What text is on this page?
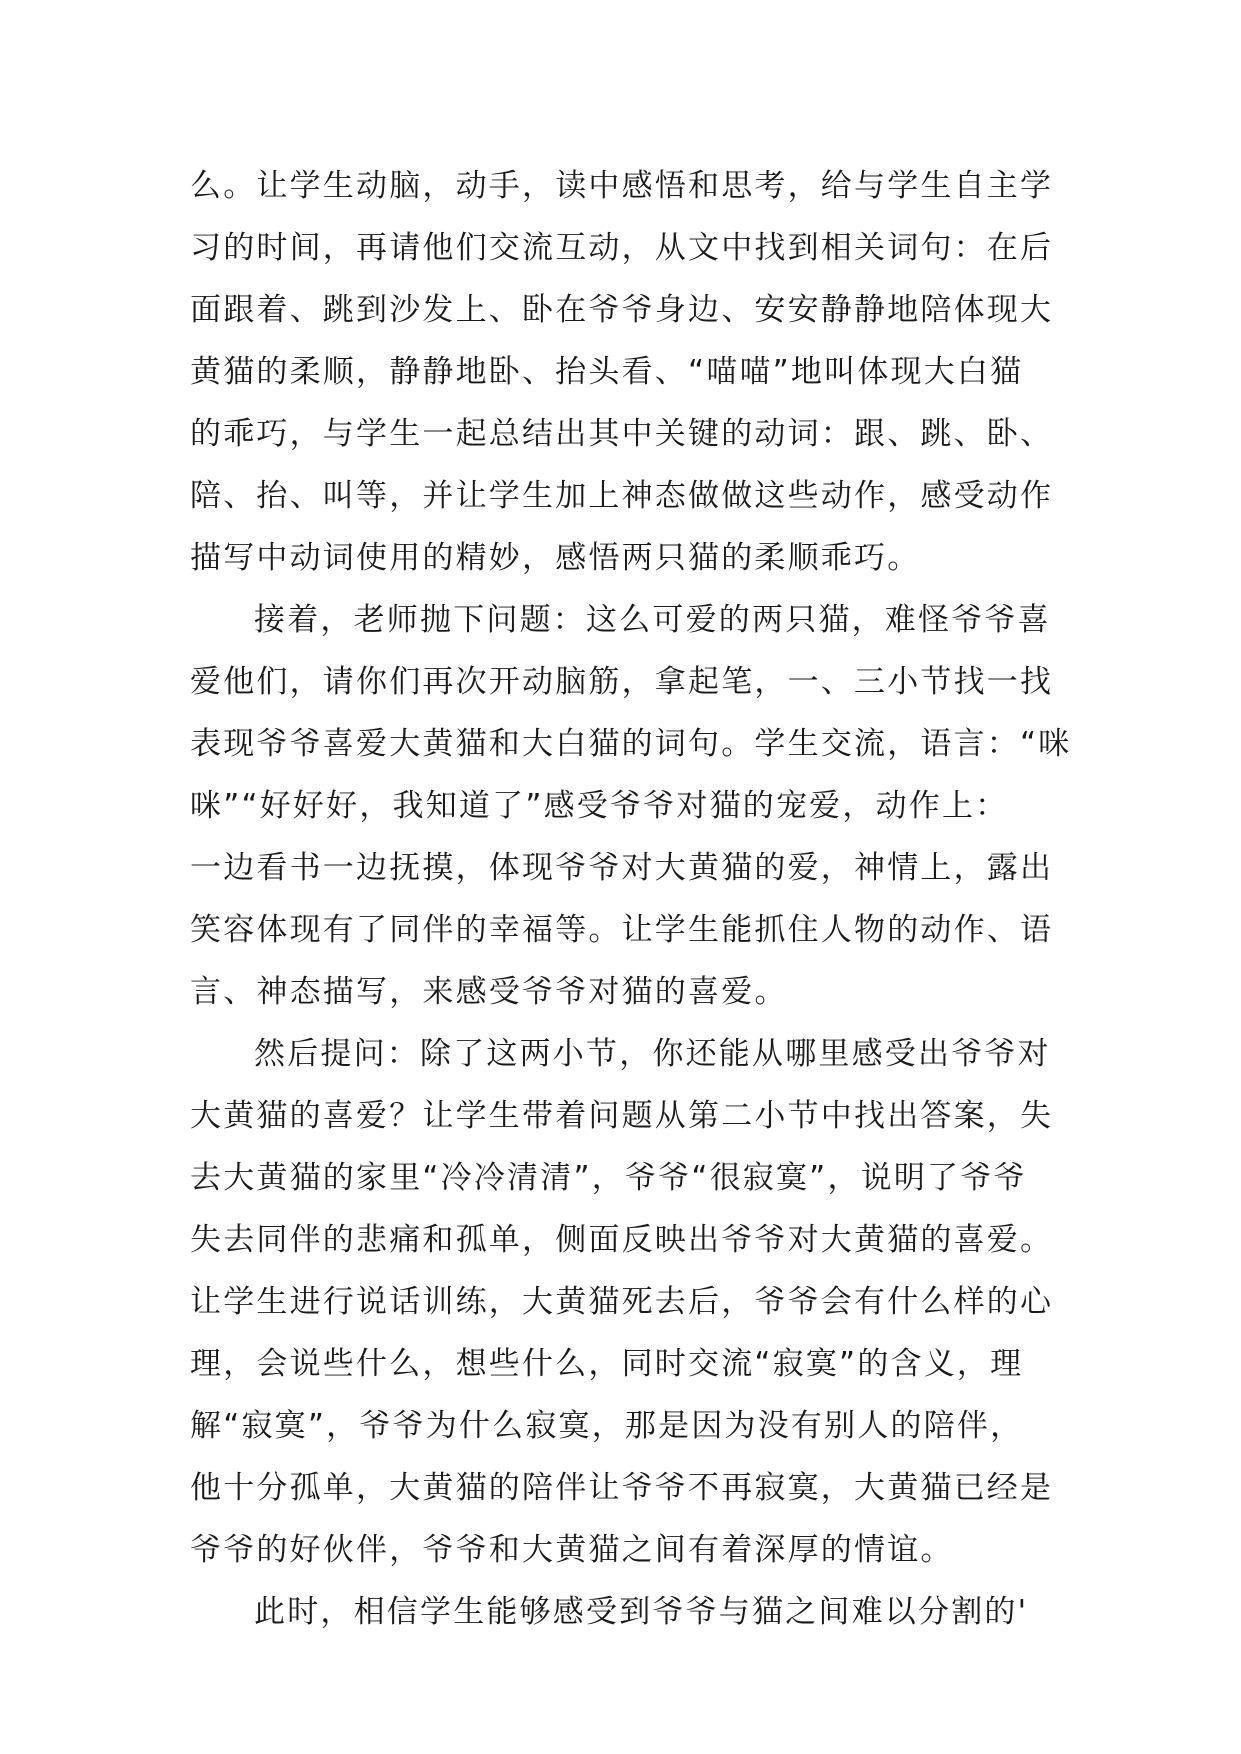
么。让学生动脑，动手，读中感悟和思考，给与学生自主学
习的时间，再请他们交流互动，从文中找到相关词句：在后
面跟着、跳到沙发上、卧在爷爷身边、安安静静地陪体现大
黄猫的柔顺，静静地卧、抬头看、“喵喵”地叫体现大白猫
的乖巧，与学生一起总结出其中关键的动词：跟、跳、卧、
陪、抬、叫等，并让学生加上神态做做这些动作，感受动作
描写中动词使用的精妙，感悟两只猫的柔顺乖巧。
接着，老师抛下问题：这么可爱的两只猫，难怪爷爷喜
爱他们，请你们再次开动脑筋，拿起笔，一、三小节找一找
表现爷爷喜爱大黄猫和大白猫的词句。学生交流，语言：“咪
咪”“好好好，我知道了”感受爷爷对猫的宠爱，动作上：
一边看书一边抚摸，体现爷爷对大黄猫的爱，神情上，露出
笑容体现有了同伴的幸福等。让学生能抓住人物的动作、语
言、神态描写，来感受爷爷对猫的喜爱。
然后提问：除了这两小节，你还能从哪里感受出爷爷对
大黄猫的喜爱？让学生带着问题从第二小节中找出答案，失
去大黄猫的家里“冷冷清清”，爷爷“很寂寞”，说明了爷爷
失去同伴的悲痛和孤单，侧面反映出爷爷对大黄猫的喜爱。
让学生进行说话训练，大黄猫死去后，爷爷会有什么样的心
理，会说些什么，想些什么，同时交流“寂寞”的含义，理
解“寂寞”，爷爷为什么寂寞，那是因为没有别人的陪伴，
他十分孤单，大黄猫的陪伴让爷爷不再寂寞，大黄猫已经是
爷爷的好伙伴，爷爷和大黄猫之间有着深厚的情谊。
此时，相信学生能够感受到爷爷与猫之间难以分割的'
